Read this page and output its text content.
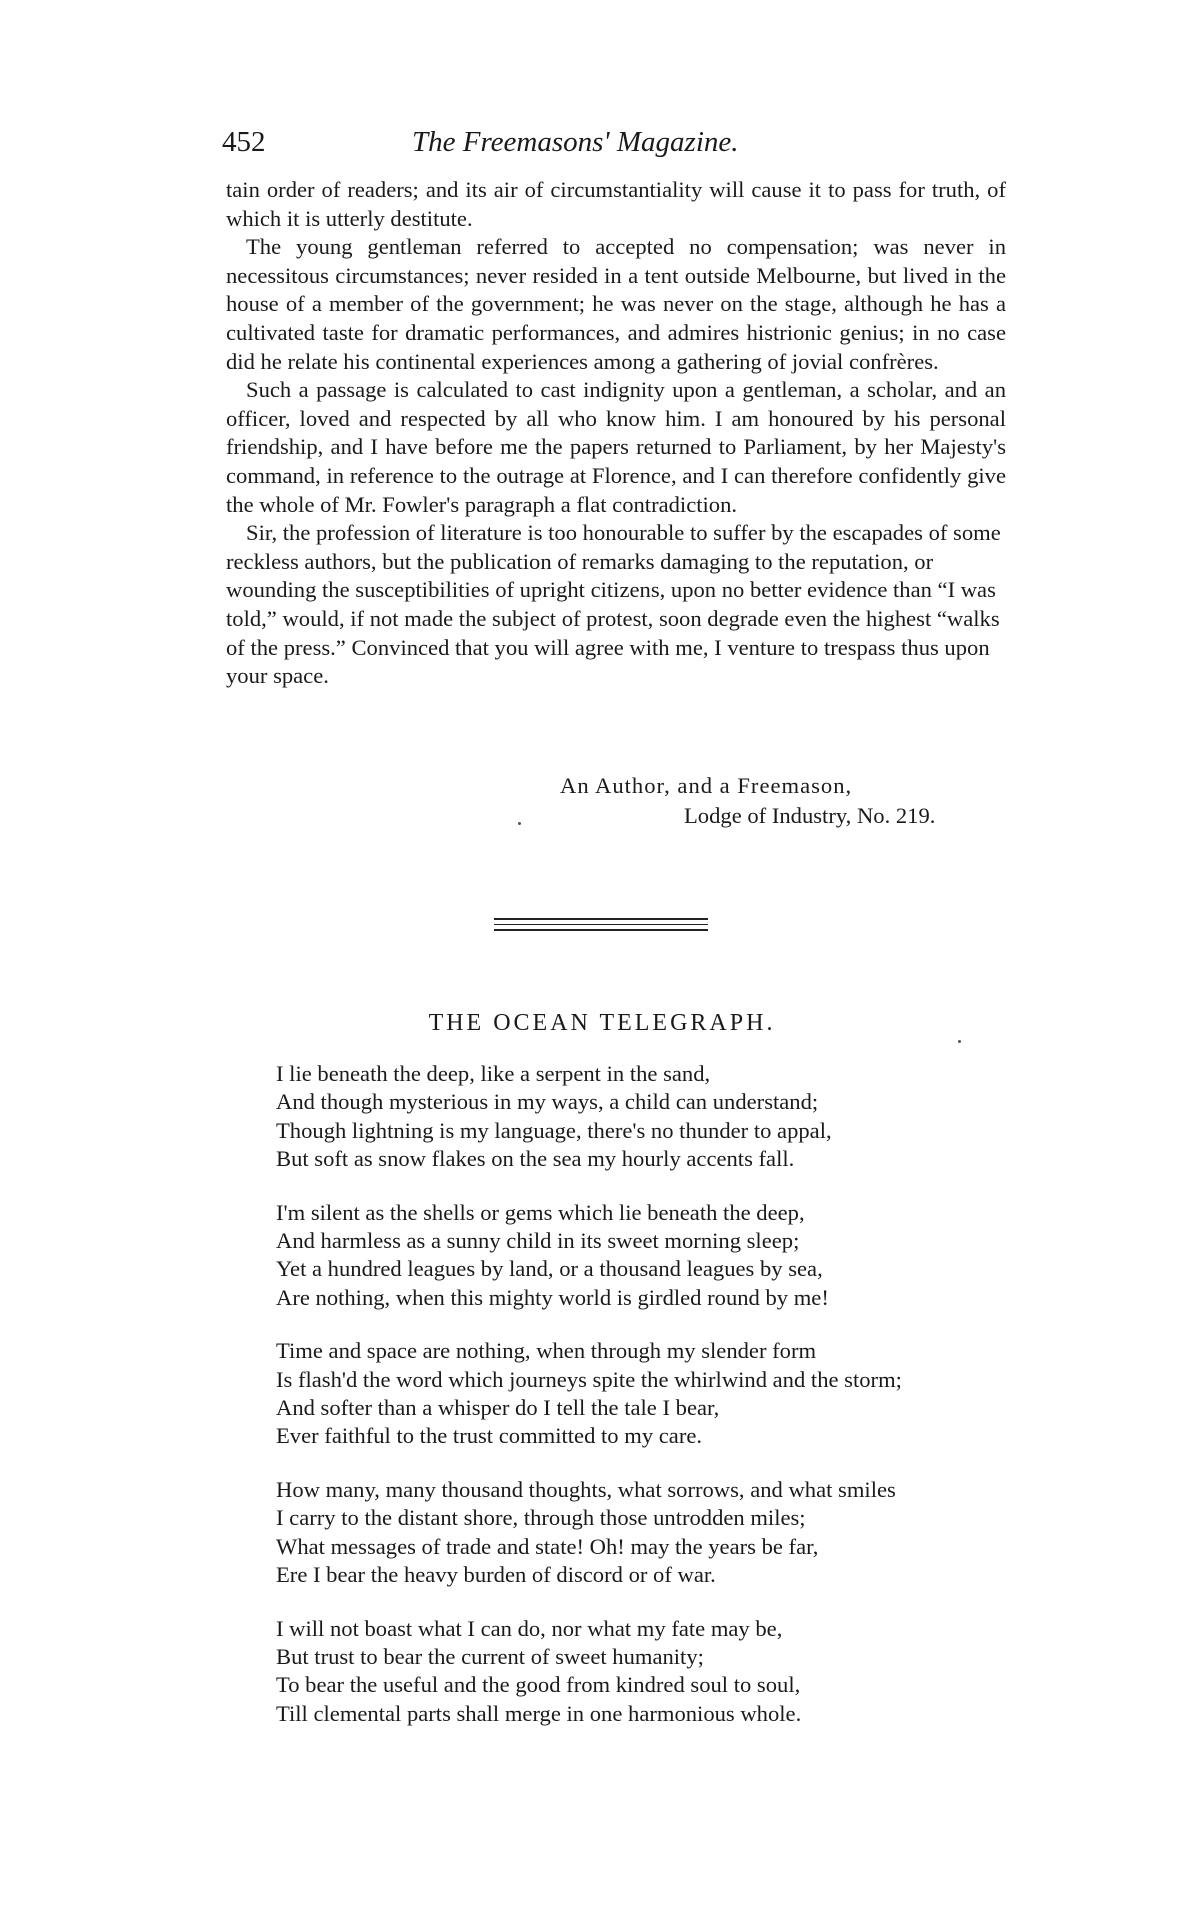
452	The Freemasons' Magazine.

tain order of readers; and its air of circumstantiality will cause it to pass for truth, of which it is utterly destitute.

The young gentleman referred to accepted no compensation; was never in necessitous circumstances; never resided in a tent outside Melbourne, but lived in the house of a member of the government; he was never on the stage, although he has a cultivated taste for dramatic performances, and admires histrionic genius; in no case did he relate his continental experiences among a gathering of jovial confrères.

Such a passage is calculated to cast indignity upon a gentleman, a scholar, and an officer, loved and respected by all who know him. I am honoured by his personal friendship, and I have before me the papers returned to Parliament, by her Majesty's command, in reference to the outrage at Florence, and I can therefore confidently give the whole of Mr. Fowler's paragraph a flat contradiction.

Sir, the profession of literature is too honourable to suffer by the escapades of some reckless authors, but the publication of remarks damaging to the reputation, or wounding the susceptibilities of upright citizens, upon no better evidence than “I was told,” would, if not made the subject of protest, soon degrade even the highest “walks of the press.” Convinced that you will agree with me, I venture to trespass thus upon your space.

An Author, and a Freemason,
Lodge of Industry, No. 219.
THE OCEAN TELEGRAPH.
I lie beneath the deep, like a serpent in the sand,
And though mysterious in my ways, a child can understand;
Though lightning is my language, there's no thunder to appal,
But soft as snow flakes on the sea my hourly accents fall.
I'm silent as the shells or gems which lie beneath the deep,
And harmless as a sunny child in its sweet morning sleep;
Yet a hundred leagues by land, or a thousand leagues by sea,
Are nothing, when this mighty world is girdled round by me!
Time and space are nothing, when through my slender form
Is flash'd the word which journeys spite the whirlwind and the storm;
And softer than a whisper do I tell the tale I bear,
Ever faithful to the trust committed to my care.
How many, many thousand thoughts, what sorrows, and what smiles
I carry to the distant shore, through those untrodden miles;
What messages of trade and state! Oh! may the years be far,
Ere I bear the heavy burden of discord or of war.
I will not boast what I can do, nor what my fate may be,
But trust to bear the current of sweet humanity;
To bear the useful and the good from kindred soul to soul,
Till clemental parts shall merge in one harmonious whole.
